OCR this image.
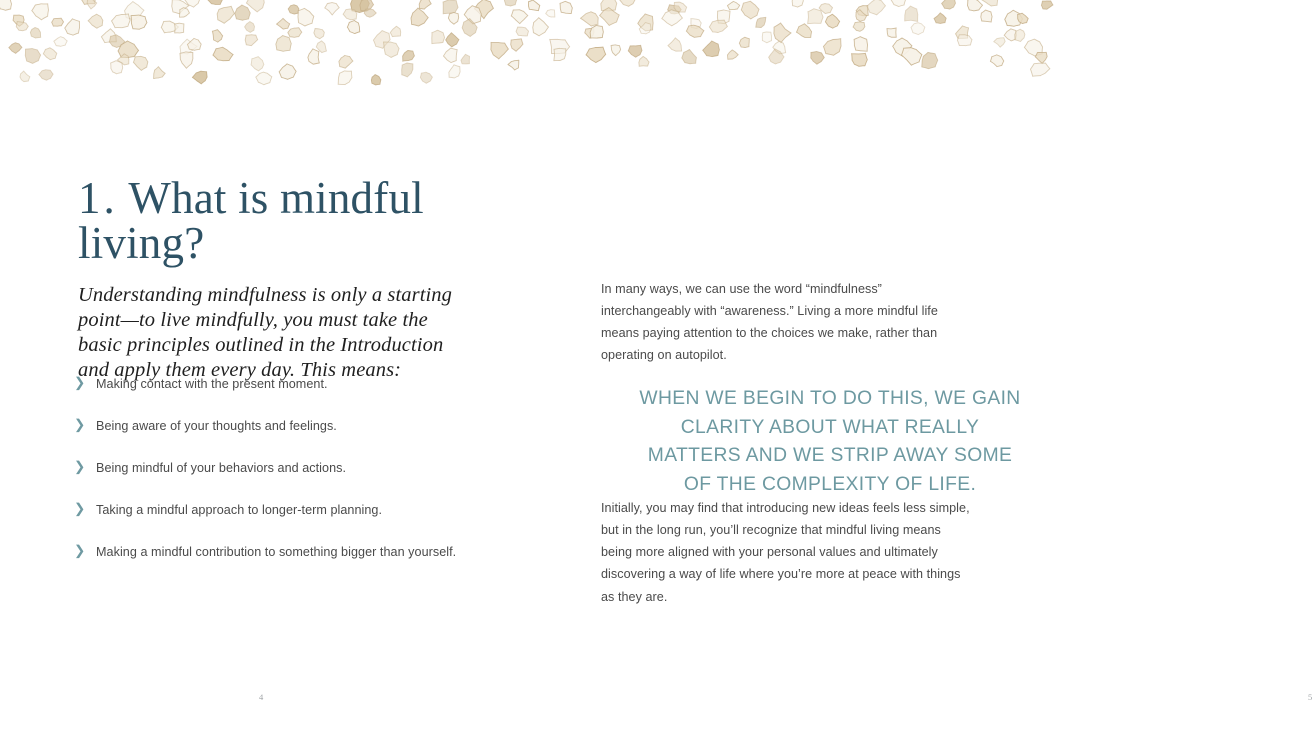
1. What is mindful living?

Understanding mindfulness is only a starting point—to live mindfully, you must take the basic principles outlined in the Introduction and apply them every day. This means:

❯ Making contact with the present moment.
❯ Being aware of your thoughts and feelings.
❯ Being mindful of your behaviors and actions.
❯ Taking a mindful approach to longer-term planning.
❯ Making a mindful contribution to something bigger than yourself.
4

In many ways, we can use the word “mindfulness” interchangeably with “awareness.” Living a more mindful life means paying attention to the choices we make, rather than operating on autopilot.

WHEN WE BEGIN TO DO THIS, WE GAIN CLARITY ABOUT WHAT REALLY MATTERS AND WE STRIP AWAY SOME OF THE COMPLEXITY OF LIFE.

Initially, you may find that introducing new ideas feels less simple, but in the long run, you’ll recognize that mindful living means being more aligned with your personal values and ultimately discovering a way of life where you’re more at peace with things as they are.

5
